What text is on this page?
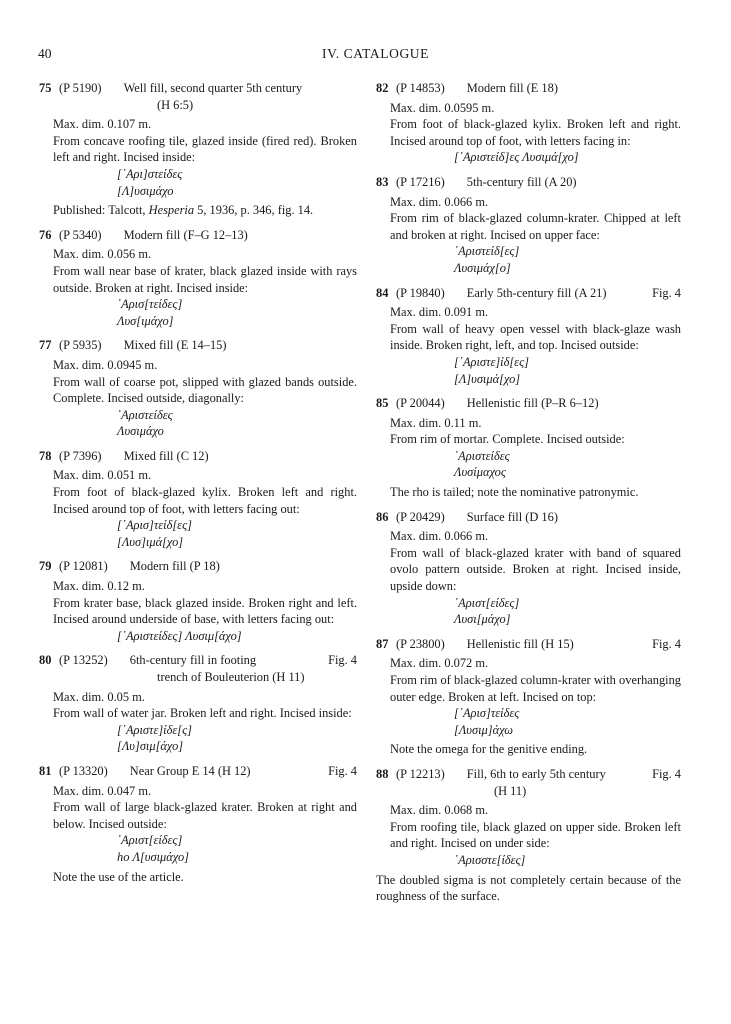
40	IV. CATALOGUE
75 (P 5190) Well fill, second quarter 5th century
(H 6:5)

Max. dim. 0.107 m.

From concave roofing tile, glazed inside (fired red). Broken left and right. Incised inside:

[᾿Αρι]στείδες
[Λ]υσιμάχο

Published: Talcott, Hesperia 5, 1936, p. 346, fig. 14.

76 (P 5340) Modern fill (F–G 12–13)

Max. dim. 0.056 m.

From wall near base of krater, black glazed inside with rays outside. Broken at right. Incised inside:

᾿Αρισ[τείδες]
Λυσ[ιμάχο]
77 (P 5935) Mixed fill (E 14–15)

Max. dim. 0.0945 m.

From wall of coarse pot, slipped with glazed bands outside. Complete. Incised outside, diagonally:

᾿Αριστείδες
Λυσιμάχο
78 (P 7396) Mixed fill (C 12)

Max. dim. 0.051 m.

From foot of black-glazed kylix. Broken left and right. Incised around top of foot, with letters facing out:

[᾿Αρισ]τείδ[ες]
[Λυσ]ιμά[χο]
79 (P 12081) Modern fill (P 18)

Max. dim. 0.12 m.

From krater base, black glazed inside. Broken right and left. Incised around underside of base, with letters facing out:

[᾿Αριστείδες] Λυσιμ[άχο]
80 (P 13252) 6th-century fill in footing	Fig. 4
trench of Bouleuterion (H 11)

Max. dim. 0.05 m.

From wall of water jar. Broken left and right. Incised inside:

[᾿Αριστε]ίδε[ς]
[Λυ]σιμ[άχο]
81 (P 13320) Near Group E 14 (H 12)	Fig. 4

Max. dim. 0.047 m.

From wall of large black-glazed krater. Broken at right and below. Incised outside:

᾿Αριστ[είδες]
ho Λ[υσιμάχο]

Note the use of the article.

82 (P 14853) Modern fill (E 18)

Max. dim. 0.0595 m.

From foot of black-glazed kylix. Broken left and right. Incised around top of foot, with letters facing in:

[᾿Αριστείδ]ες Λυσιμά[χο]
83 (P 17216) 5th-century fill (A 20)

Max. dim. 0.066 m.

From rim of black-glazed column-krater. Chipped at left and broken at right. Incised on upper face:

᾿Αριστείδ[ες]
Λυσιμάχ[ο]
84 (P 19840) Early 5th-century fill (A 21)	Fig. 4

Max. dim. 0.091 m.

From wall of heavy open vessel with black-glaze wash inside. Broken right, left, and top. Incised outside:

[᾿Αριστε]ίδ[ες]
[Λ]υσιμά[χο]
85 (P 20044) Hellenistic fill (P–R 6–12)

Max. dim. 0.11 m.

From rim of mortar. Complete. Incised outside:

᾿Αριστείδες
Λυσίμαχος

The rho is tailed; note the nominative patronymic.

86 (P 20429) Surface fill (D 16)

Max. dim. 0.066 m.

From wall of black-glazed krater with band of squared ovolo pattern outside. Broken at right. Incised inside, upside down:

᾿Αριστ[είδες]
Λυσι[μάχο]
87 (P 23800) Hellenistic fill (H 15)	Fig. 4

Max. dim. 0.072 m.

From rim of black-glazed column-krater with overhanging outer edge. Broken at left. Incised on top:

[᾿Αρισ]τείδες
[Λυσιμ]άχω

Note the omega for the genitive ending.

88 (P 12213) Fill, 6th to early 5th century	Fig. 4
(H 11)

Max. dim. 0.068 m.

From roofing tile, black glazed on upper side. Broken left and right. Incised on under side:

᾿Αρισστε[ίδες]

The doubled sigma is not completely certain because of the roughness of the surface.
